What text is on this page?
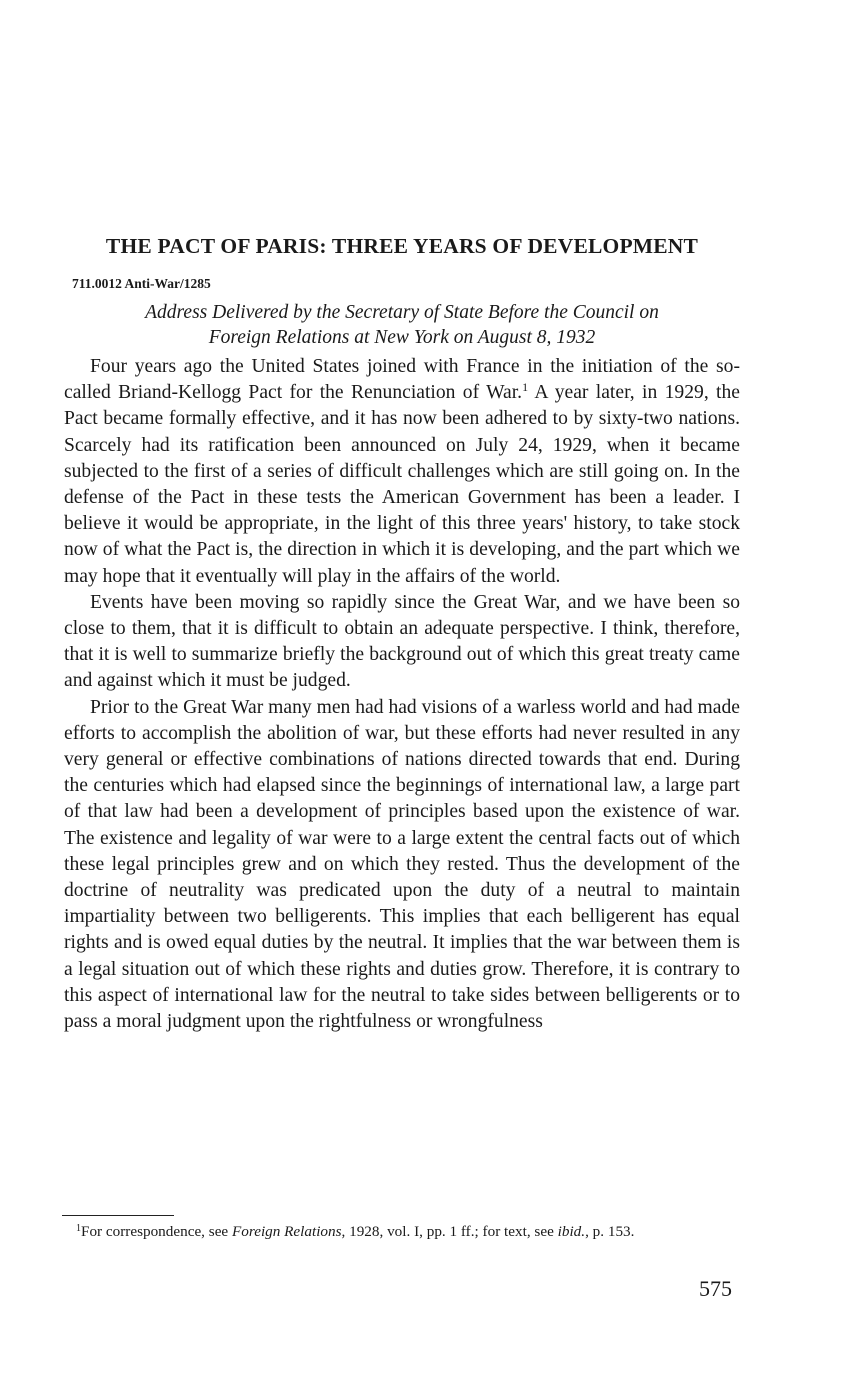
THE PACT OF PARIS: THREE YEARS OF DEVELOPMENT
711.0012 Anti-War/1285
Address Delivered by the Secretary of State Before the Council on
Foreign Relations at New York on August 8, 1932

Four years ago the United States joined with France in the initiation of the so-called Briand-Kellogg Pact for the Renunciation of War.$^1$ A year later, in 1929, the Pact became formally effective, and it has now been adhered to by sixty-two nations. Scarcely had its ratification been announced on July 24, 1929, when it became subjected to the first of a series of difficult challenges which are still going on. In the defense of the Pact in these tests the American Government has been a leader. I believe it would be appropriate, in the light of this three years' history, to take stock now of what the Pact is, the direction in which it is developing, and the part which we may hope that it eventually will play in the affairs of the world.

Events have been moving so rapidly since the Great War, and we have been so close to them, that it is difficult to obtain an adequate perspective. I think, therefore, that it is well to summarize briefly the background out of which this great treaty came and against which it must be judged.

Prior to the Great War many men had had visions of a warless world and had made efforts to accomplish the abolition of war, but these efforts had never resulted in any very general or effective combinations of nations directed towards that end. During the centuries which had elapsed since the beginnings of international law, a large part of that law had been a development of principles based upon the existence of war. The existence and legality of war were to a large extent the central facts out of which these legal principles grew and on which they rested. Thus the development of the doctrine of neutrality was predicated upon the duty of a neutral to maintain impartiality between two belligerents. This implies that each belligerent has equal rights and is owed equal duties by the neutral. It implies that the war between them is a legal situation out of which these rights and duties grow. Therefore, it is contrary to this aspect of international law for the neutral to take sides between belligerents or to pass a moral judgment upon the rightfulness or wrongfulness

$^1$For correspondence, see Foreign Relations, 1928, vol. I, pp. 1 ff.; for text, see ibid., p. 153.
575
